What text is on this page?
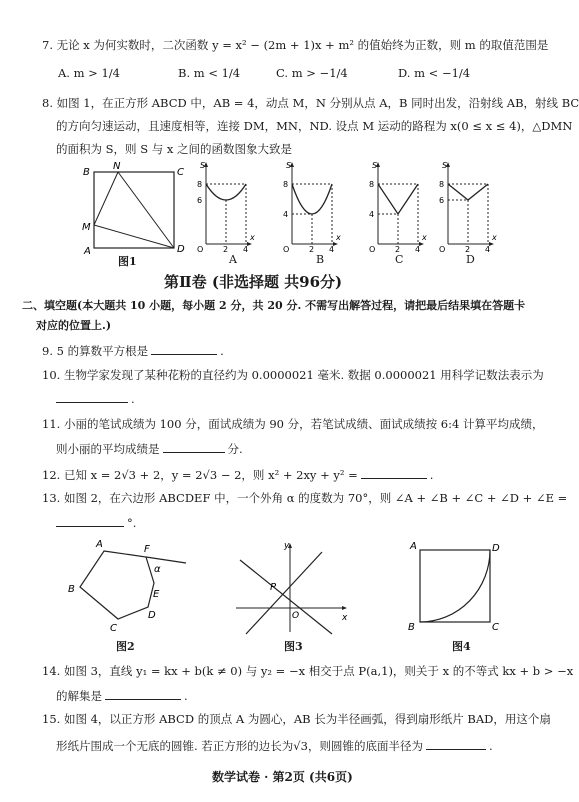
7. 无论 x 为何实数时，二次函数 y = x² − (2m + 1)x + m² 的值始终为正数，则 m 的取值范围是
A. m > 1/4	B. m < 1/4	C. m > −1/4	D. m < −1/4
8. 如图 1，在正方形 ABCD 中，AB = 4，动点 M，N 分别从点 A，B 同时出发，沿射线 AB，射线 BC
的方向匀速运动，且速度相等，连接 DM，MN，ND. 设点 M 运动的路程为 x(0 ≤ x ≤ 4)，△DMN
的面积为 S，则 S 与 x 之间的函数图象大致是
B
N
C
M
A	D
图1
8
6
O 2 4
S
x
A
8
4
O 2 4
S
x
B
8
4
O 2 4
S
x
C
8
6
O 2 4
S
x
D
第Ⅱ卷 (非选择题 共96分)
二、填空题(本大题共 10 小题，每小题 2 分，共 20 分. 不需写出解答过程，请把最后结果填在答题卡
对应的位置上.)
9. 5 的算数平方根是	.
10. 生物学家发现了某种花粉的直径约为 0.0000021 毫米. 数据 0.0000021 用科学记数法表示为
.
11. 小丽的笔试成绩为 100 分，面试成绩为 90 分，若笔试成绩、面试成绩按 6:4 计算平均成绩，
则小丽的平均成绩是	分.
12. 已知 x = 2√3 + 2，y = 2√3 − 2，则 x² + 2xy + y² =	.
13. 如图 2，在六边形 ABCDEF 中，一个外角 α 的度数为 70°，则 ∠A + ∠B + ∠C + ∠D + ∠E =
°.
A	F
α
B	E
D
C
图2
y
x
P
O
图3
A	D
B	C
图4
14. 如图 3，直线 y₁ = kx + b(k ≠ 0) 与 y₂ = −x 相交于点 P(a,1)，则关于 x 的不等式 kx + b > −x
的解集是	.
15. 如图 4，以正方形 ABCD 的顶点 A 为圆心，AB 长为半径画弧，得到扇形纸片 BAD，用这个扇
形纸片围成一个无底的圆锥. 若正方形的边长为√3，则圆锥的底面半径为	.
数学试卷 · 第2页 (共6页)
